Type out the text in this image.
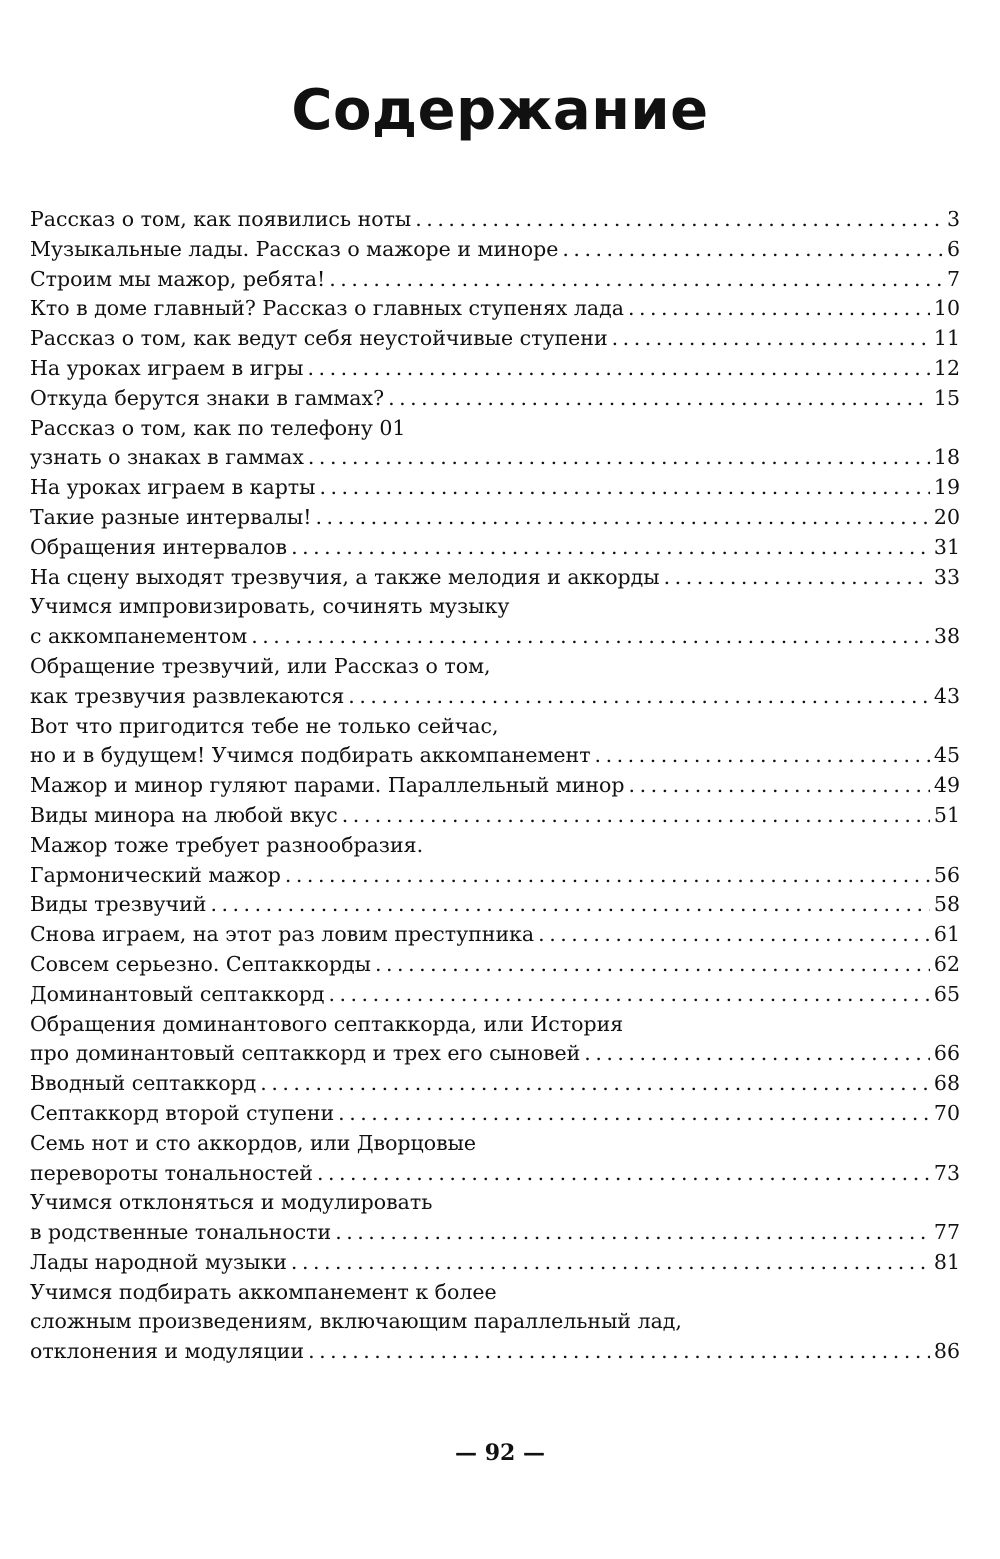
Содержание
Рассказ о том, как появились ноты . . .	3
Музыкальные лады. Рассказ о мажоре и миноре . . .	6
Строим мы мажор, ребята! . . .	7
Кто в доме главный? Рассказ о главных ступенях лада . . .	10
Рассказ о том, как ведут себя неустойчивые ступени . . .	11
На уроках играем в игры . . .	12
Откуда берутся знаки в гаммах? . . .	15
Рассказ о том, как по телефону 01
узнать о знаках в гаммах . . .	18
На уроках играем в карты . . .	19
Такие разные интервалы! . . .	20
Обращения интервалов . . .	31
На сцену выходят трезвучия, а также мелодия и аккорды . . .	33
Учимся импровизировать, сочинять музыку
с аккомпанементом . . .	38
Обращение трезвучий, или Рассказ о том,
как трезвучия развлекаются . . .	43
Вот что пригодится тебе не только сейчас,
но и в будущем! Учимся подбирать аккомпанемент . . .	45
Мажор и минор гуляют парами. Параллельный минор . . .	49
Виды минора на любой вкус . . .	51
Мажор тоже требует разнообразия.
Гармонический мажор . . .	56
Виды трезвучий . . .	58
Снова играем, на этот раз ловим преступника . . .	61
Совсем серьезно. Септаккорды . . .	62
Доминантовый септаккорд . . .	65
Обращения доминантового септаккорда, или История
про доминантовый септаккорд и трех его сыновей . . .	66
Вводный септаккорд . . .	68
Септаккорд второй ступени . . .	70
Семь нот и сто аккордов, или Дворцовые
перевороты тональностей . . .	73
Учимся отклоняться и модулировать
в родственные тональности . . .	77
Лады народной музыки . . .	81
Учимся подбирать аккомпанемент к более
сложным произведениям, включающим параллельный лад,
отклонения и модуляции . . .	86
— 92 —
